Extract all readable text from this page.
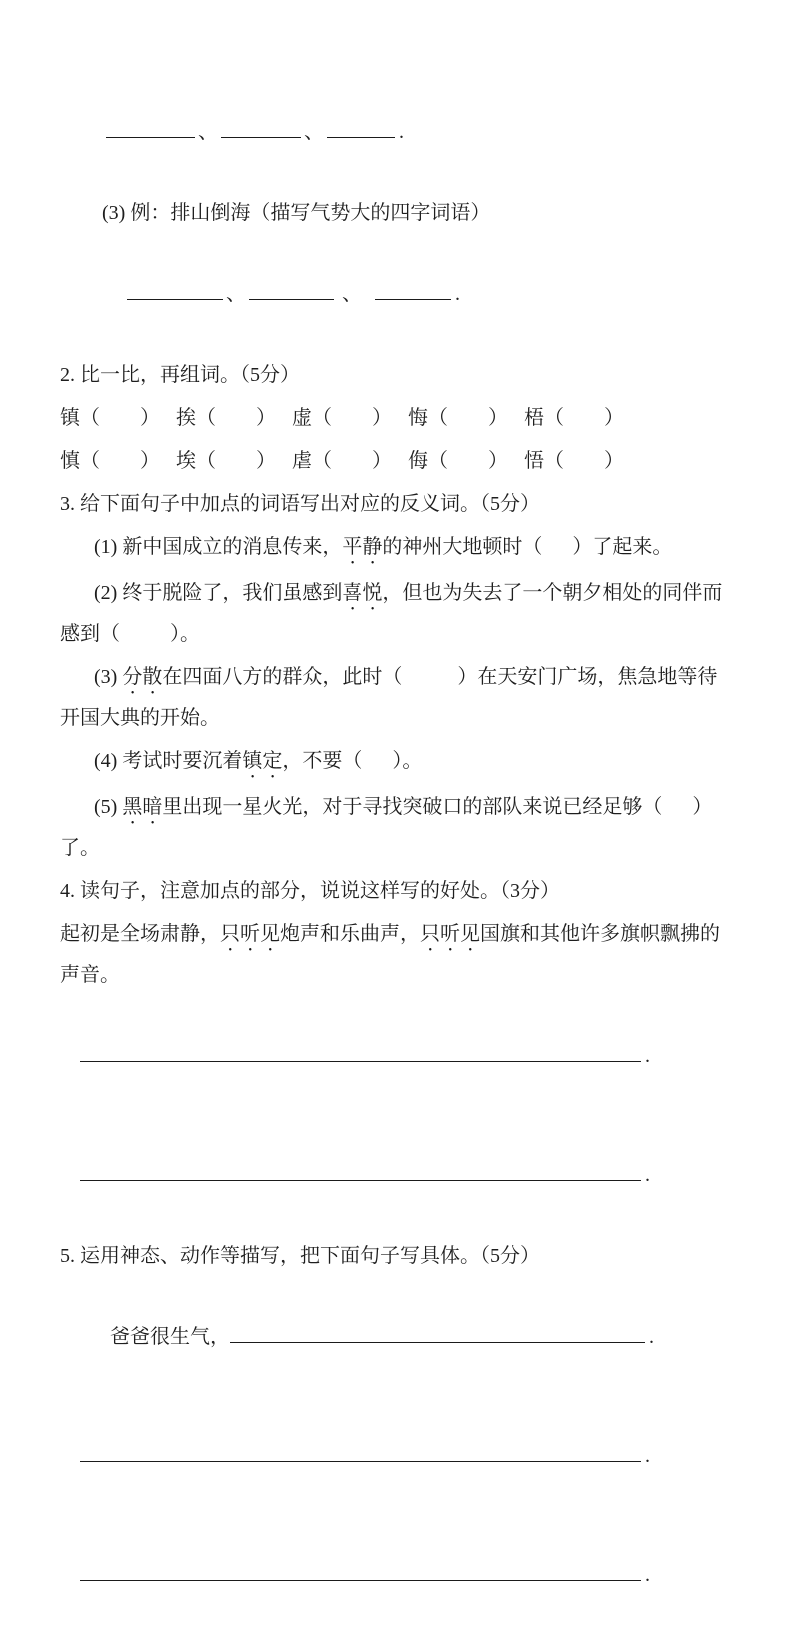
、	、	.

(3) 例：排山倒海（描写气势大的四字词语）

、	、	.

2. 比一比，再组词。（5分）
镇（        ） 挨（        ） 虚（        ） 悔（        ） 梧（        ）
慎（        ） 埃（        ） 虐（        ） 侮（        ） 悟（        ）
3. 给下面句子中加点的词语写出对应的反义词。（5分）
(1) 新中国成立的消息传来，平静的神州大地顿时（      ）了起来。
(2) 终于脱险了，我们虽感到喜悦，但也为失去了一个朝夕相处的同伴而
感到（          ）。
(3) 分散在四面八方的群众，此时（           ）在天安门广场，焦急地等待
开国大典的开始。
(4) 考试时要沉着镇定，不要（      ）。
(5) 黑暗里出现一星火光，对于寻找突破口的部队来说已经足够（      ）
了。
4. 读句子，注意加点的部分，说说这样写的好处。（3分）
起初是全场肃静，只听见炮声和乐曲声，只听见国旗和其他许多旗帜飘拂的
声音。

.

.

5. 运用神态、动作等描写，把下面句子写具体。（5分）

爸爸很生气，	.

.

.
